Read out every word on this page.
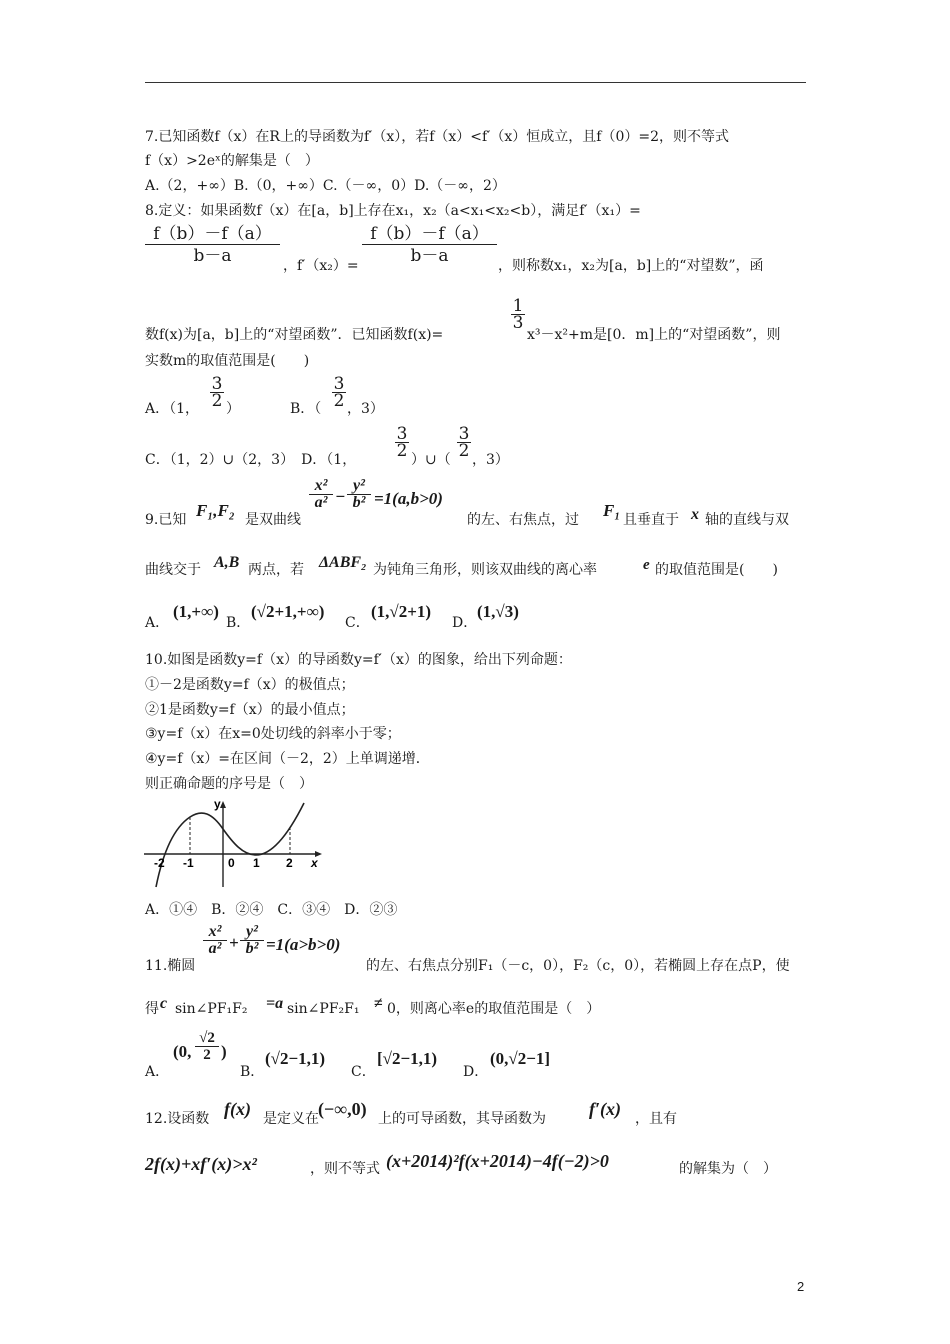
7.已知函数f（x）在R上的导函数为f′（x），若f（x）<f′（x）恒成立，且f（0）=2，则不等式
f（x）>2eˣ的解集是（　）
A.（2，+∞）B.（0，+∞）C.（－∞，0）D.（－∞，2）
8.定义：如果函数f（x）在[a，b]上存在x₁，x₂（a<x₁<x₂<b），满足f′（x₁）=
f（b）－f（a）
b－a	，f′（x₂）=
f（b）－f（a）
b－a	，则称数x₁，x₂为[a，b]上的“对望数”，函
数f(x)为[a，b]上的“对望函数”．已知函数f(x)=
1
3
x³－x²+m是[0．m]上的“对望函数”，则
实数m的取值范围是(　　)
A．（1，
3
2 ）	B．（
3
2 ，3）
C．（1，2）∪（2，3）　D．（1，
3
2 ）∪（
3
2 ，3）
9.已知 F₁,F₂ 是双曲线
x²
a² −
y²
b² =1(a,b>0)
的左、右焦点，过 F₁ 且垂直于 x 轴的直线与双
曲线交于 A,B 两点，若 ΔABF₂ 为钝角三角形，则该双曲线的离心率	e 的取值范围是(　　)
A．
(1,+∞)
B．
(√2+1,+∞)
C．
(1,√2+1)
D．
(1,√3)
10.如图是函数y=f（x）的导函数y=f′（x）的图象，给出下列命题：
①－2是函数y=f（x）的极值点；
②1是函数y=f（x）的最小值点；
③y=f（x）在x=0处切线的斜率小于零；
④y=f（x）=在区间（－2，2）上单调递增．
则正确命题的序号是（　）
y
x
-2 -1	0 1 2
A．①④　B．②④　C．③④　D．②③
11.椭圆
x²
a² +
y²
b² =1(a>b>0)
的左、右焦点分别F₁（－c，0），F₂（c，0），若椭圆上存在点P，使
得 c sin∠PF₁F₂ =a sin∠PF₂F₁ ≠ 0，则离心率e的取值范围是（　）
A．
(0,
√2
2 )
B．
(√2−1,1)
C．
[√2−1,1)
D．
(0,√2−1]
12.设函数 f(x) 是定义在 (−∞,0) 上的可导函数，其导函数为 f′(x) ，且有
2f(x)+xf′(x)>x²	，则不等式 (x+2014)²f(x+2014)−4f(−2)>0	的解集为（　）
2
